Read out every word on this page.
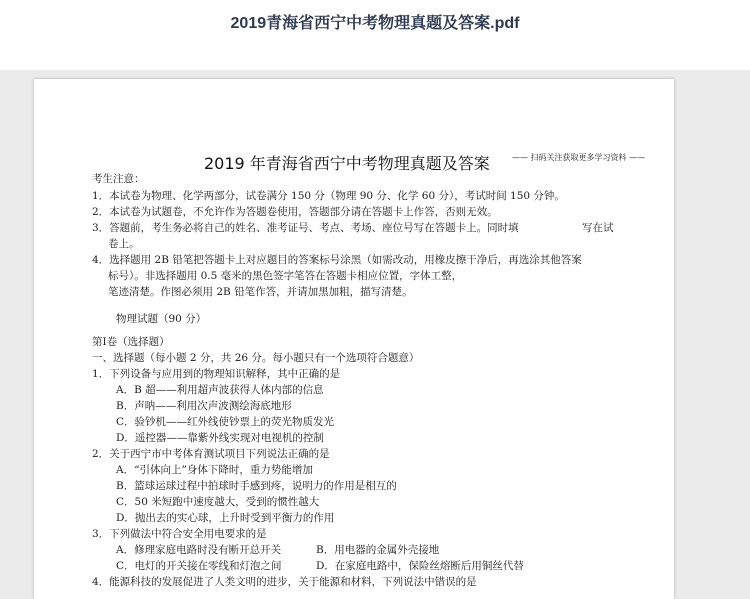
2019青海省西宁中考物理真题及答案.pdf
2019 年青海省西宁中考物理真题及答案	—— 扫码关注获取更多学习资料 ——
考生注意：
1．本试卷为物理、化学两部分，试卷满分 150 分（物理 90 分、化学 60 分），考试时间 150 分钟。
2．本试卷为试题卷，不允许作为答题卷使用，答题部分请在答题卡上作答，否则无效。
3．答题前，考生务必将自己的姓名、准考证号、考点、考场、座位号写在答题卡上。同时填	写在试
卷上。
4．选择题用 2B 铅笔把答题卡上对应题目的答案标号涂黑（如需改动，用橡皮擦干净后，再选涂其他答案
标号）。非选择题用 0.5 毫米的黑色签字笔答在答题卡相应位置，字体工整，
笔迹清楚。作图必须用 2B 铅笔作答，并请加黑加粗，描写清楚。
物理试题（90 分）
第Ⅰ卷（选择题）
一、选择题（每小题 2 分，共 26 分。每小题只有一个选项符合题意）
1．下列设备与应用到的物理知识解释，其中正确的是
A．B 超——利用超声波获得人体内部的信息
B．声呐——利用次声波测绘海底地形
C．验钞机——红外线使钞票上的荧光物质发光
D．遥控器——靠紫外线实现对电视机的控制
2．关于西宁市中考体育测试项目下列说法正确的是
A．“引体向上”身体下降时，重力势能增加
B．篮球运球过程中拍球时手感到疼，说明力的作用是相互的
C．50 米短跑中速度越大，受到的惯性越大
D．抛出去的实心球，上升时受到平衡力的作用
3．下列做法中符合安全用电要求的是
A．修理家庭电路时没有断开总开关	B．用电器的金属外壳接地
C．电灯的开关接在零线和灯泡之间	D．在家庭电路中，保险丝熔断后用铜丝代替
4．能源科技的发展促进了人类文明的进步，关于能源和材料，下列说法中错误的是
